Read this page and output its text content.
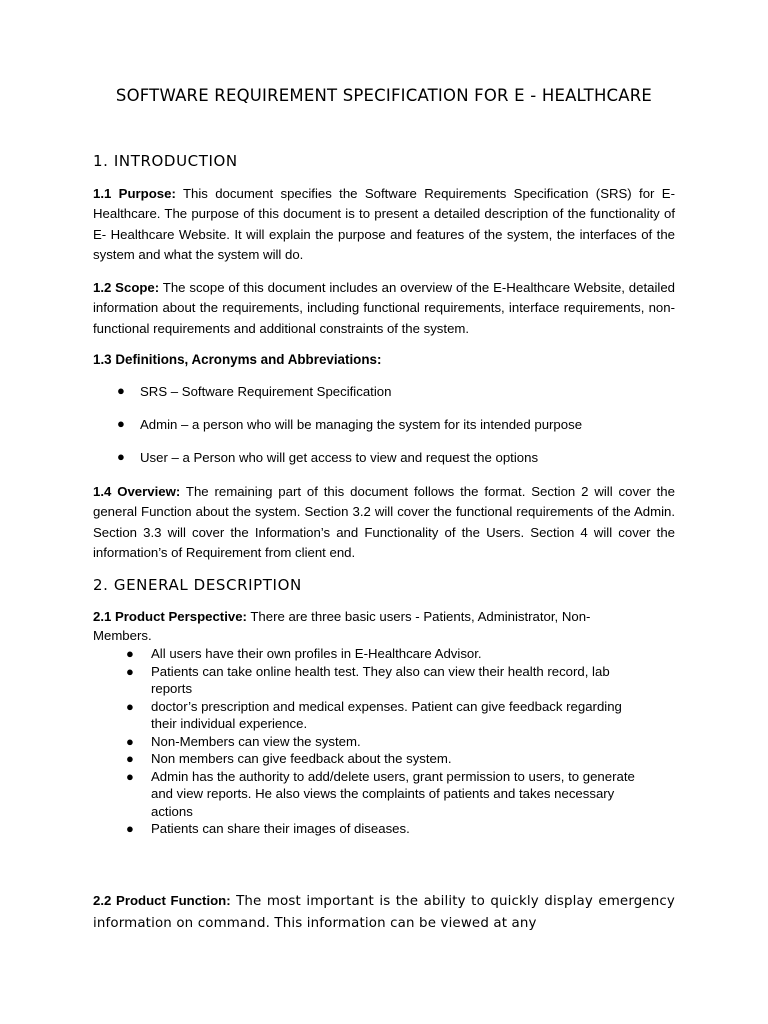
SOFTWARE REQUIREMENT SPECIFICATION FOR E - HEALTHCARE
1. INTRODUCTION
1.1 Purpose: This document specifies the Software Requirements Specification (SRS) for E- Healthcare. The purpose of this document is to present a detailed description of the functionality of E- Healthcare Website. It will explain the purpose and features of the system, the interfaces of the system and what the system will do.
1.2 Scope: The scope of this document includes an overview of the E-Healthcare Website, detailed information about the requirements, including functional requirements, interface requirements, non-functional requirements and additional constraints of the system.
1.3 Definitions, Acronyms and Abbreviations:
● SRS – Software Requirement Specification
● Admin – a person who will be managing the system for its intended purpose
● User – a Person who will get access to view and request the options
1.4 Overview: The remaining part of this document follows the format. Section 2 will cover the general Function about the system. Section 3.2 will cover the functional requirements of the Admin. Section 3.3 will cover the Information’s and Functionality of the Users. Section 4 will cover the information’s of Requirement from client end.
2. GENERAL DESCRIPTION
2.1 Product Perspective: There are three basic users - Patients, Administrator, Non-Members.
● All users have their own profiles in E-Healthcare Advisor.
● Patients can take online health test. They also can view their health record, lab reports
● doctor’s prescription and medical expenses. Patient can give feedback regarding their individual experience.
● Non-Members can view the system.
● Non members can give feedback about the system.
● Admin has the authority to add/delete users, grant permission to users, to generate and view reports. He also views the complaints of patients and takes necessary actions
● Patients can share their images of diseases.
2.2 Product Function: The most important is the ability to quickly display emergency information on command. This information can be viewed at any
